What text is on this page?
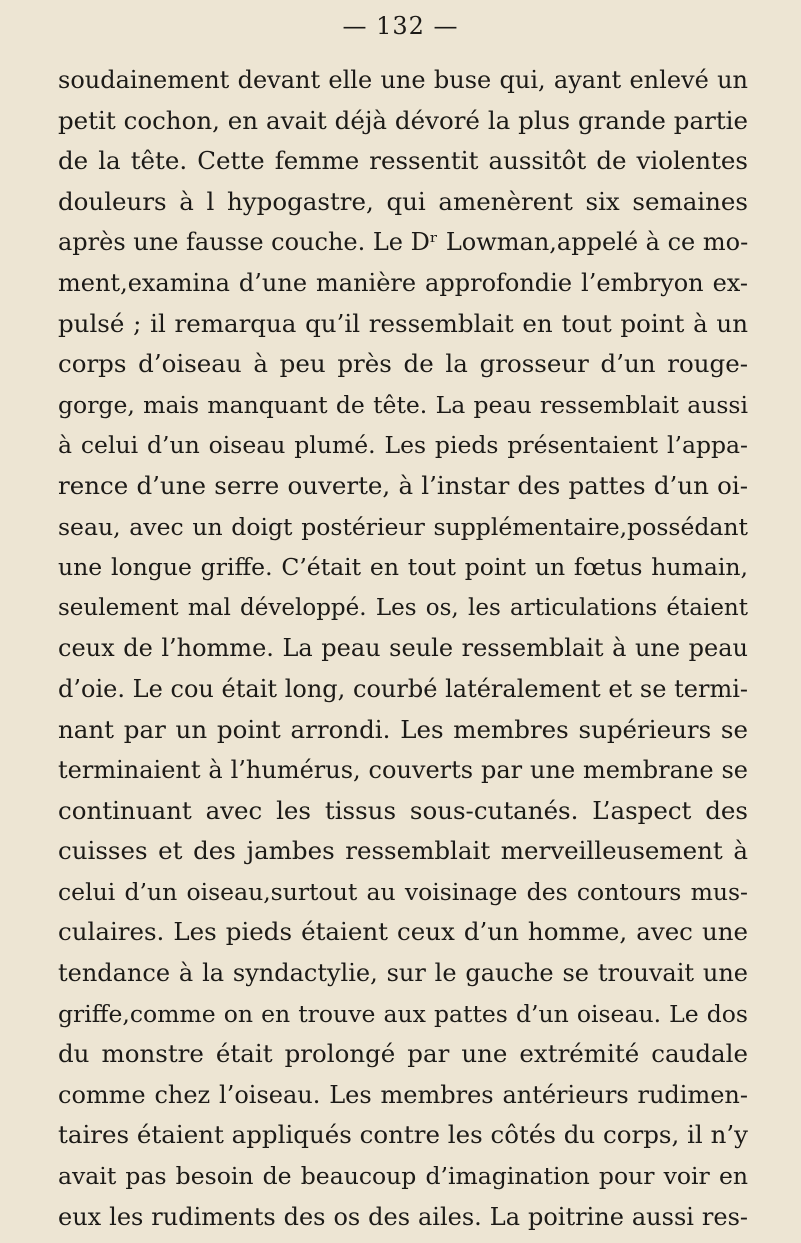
— 132 —
soudainement devant elle une buse qui, ayant enlevé un
petit cochon, en avait déjà dévoré la plus grande partie
de la tête. Cette femme ressentit aussitôt de violentes
douleurs à l hypogastre, qui amenèrent six semaines
après une fausse couche. Le Dʳ Lowman,appelé à ce mo-
ment,examina d’une manière approfondie l’embryon ex-
pulsé ; il remarqua qu’il ressemblait en tout point à un
corps d’oiseau à peu près de la grosseur d’un rouge-
gorge, mais manquant de tête. La peau ressemblait aussi
à celui d’un oiseau plumé. Les pieds présentaient l’appa-
rence d’une serre ouverte, à l’instar des pattes d’un oi-
seau, avec un doigt postérieur supplémentaire,possédant
une longue griffe. C’était en tout point un fœtus humain,
seulement mal développé. Les os, les articulations étaient
ceux de l’homme. La peau seule ressemblait à une peau
d’oie. Le cou était long, courbé latéralement et se termi-
nant par un point arrondi. Les membres supérieurs se
terminaient à l’humérus, couverts par une membrane se
continuant avec les tissus sous-cutanés. L’aspect des
cuisses et des jambes ressemblait merveilleusement à
celui d’un oiseau,surtout au voisinage des contours mus-
culaires. Les pieds étaient ceux d’un homme, avec une
tendance à la syndactylie, sur le gauche se trouvait une
griffe,comme on en trouve aux pattes d’un oiseau. Le dos
du monstre était prolongé par une extrémité caudale
comme chez l’oiseau. Les membres antérieurs rudimen-
taires étaient appliqués contre les côtés du corps, il n’y
avait pas besoin de beaucoup d’imagination pour voir en
eux les rudiments des os des ailes. La poitrine aussi res-
